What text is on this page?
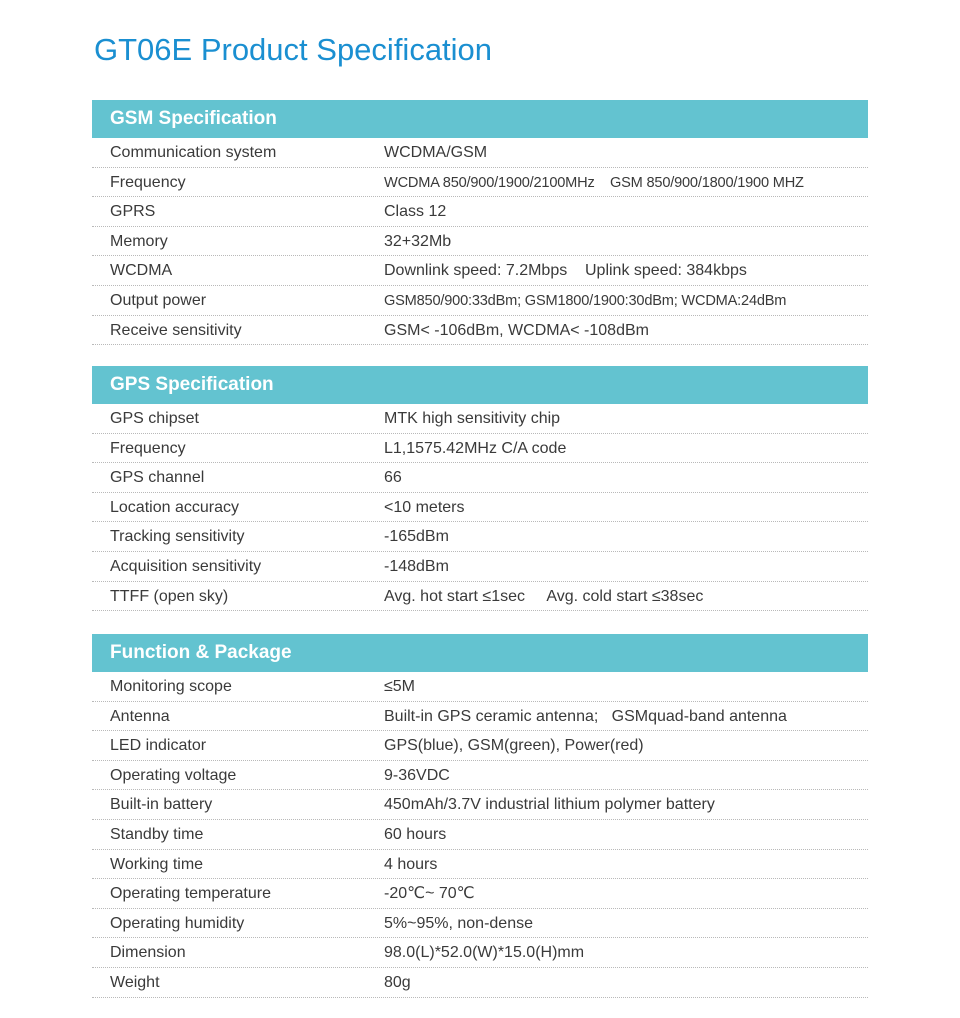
GT06E Product Specification
GSM Specification
Communication system	WCDMA/GSM
Frequency	WCDMA 850/900/1900/2100MHz    GSM 850/900/1800/1900 MHZ
GPRS	Class 12
Memory	32+32Mb
WCDMA	Downlink speed: 7.2Mbps    Uplink speed: 384kbps
Output power	GSM850/900:33dBm; GSM1800/1900:30dBm; WCDMA:24dBm
Receive sensitivity	GSM< -106dBm, WCDMA< -108dBm
GPS Specification
GPS chipset	MTK high sensitivity chip
Frequency	L1,1575.42MHz C/A code
GPS channel	66
Location accuracy	<10 meters
Tracking sensitivity	-165dBm
Acquisition sensitivity	-148dBm
TTFF (open sky)	Avg. hot start ≤1sec     Avg. cold start ≤38sec
Function & Package
Monitoring scope	≤5M
Antenna	Built-in GPS ceramic antenna;   GSMquad-band antenna
LED indicator	GPS(blue), GSM(green), Power(red)
Operating voltage	9-36VDC
Built-in battery	450mAh/3.7V industrial lithium polymer battery
Standby time	60 hours
Working time	4 hours
Operating temperature	-20℃~ 70℃
Operating humidity	5%~95%, non-dense
Dimension	98.0(L)*52.0(W)*15.0(H)mm
Weight	80g
